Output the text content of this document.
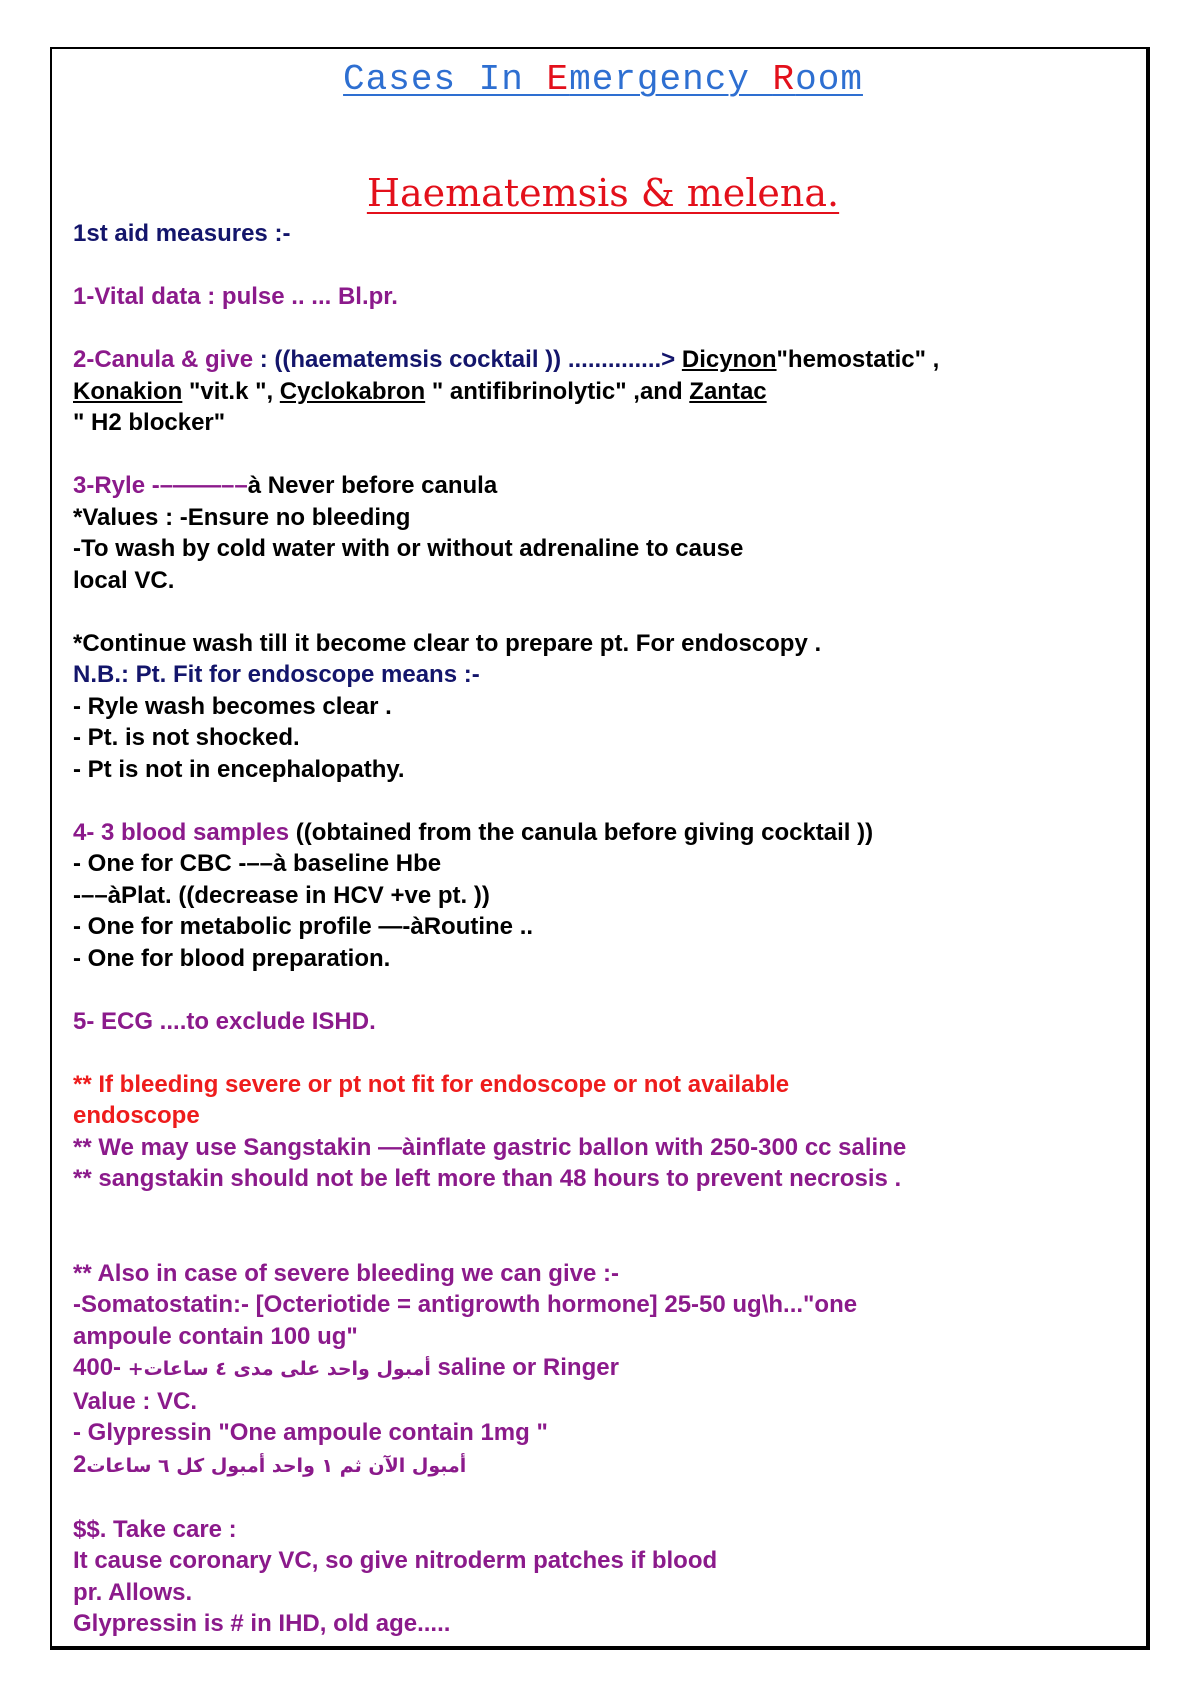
Cases In Emergency Room
Haematemsis & melena.
1st aid measures :-
1-Vital data : pulse .. ... Bl.pr.
2-Canula & give : ((haematemsis cocktail )) ..............> Dicynon"hemostatic" ,
Konakion "vit.k ", Cyclokabron " antifibrinolytic" ,and Zantac
" H2 blocker"
3-Ryle -–——––à Never before canula
*Values : -Ensure no bleeding
-To wash by cold water with or without adrenaline to cause
local VC.
*Continue wash till it become clear to prepare pt. For endoscopy .
N.B.: Pt. Fit for endoscope means :-
- Ryle wash becomes clear .
- Pt. is not shocked.
- Pt is not in encephalopathy.
4- 3 blood samples ((obtained from the canula before giving cocktail ))
- One for CBC -––à baseline Hbe
-––àPlat. ((decrease in HCV +ve pt. ))
- One for metabolic profile —-àRoutine ..
- One for blood preparation.
5- ECG ....to exclude ISHD.
** If bleeding severe or pt not fit for endoscope or not available
endoscope
** We may use Sangstakin —àinflate gastric ballon with 250-300 cc saline
** sangstakin should not be left more than 48 hours to prevent necrosis .
** Also in case of severe bleeding we can give :-
-Somatostatin:- [Octeriotide = antigrowth hormone] 25-50 ug\h..."one
ampoule contain 100 ug"
أمبول واحد على مدى ٤ ساعات+ -400 saline or Ringer
Value : VC.
- Glypressin "One ampoule contain 1mg "
أمبول الآن ثم ١ واحد أمبول كل ٦ ساعات2
$$. Take care :
It cause coronary VC, so give nitroderm patches if blood
pr. Allows.
Glypressin is # in IHD, old age.....
